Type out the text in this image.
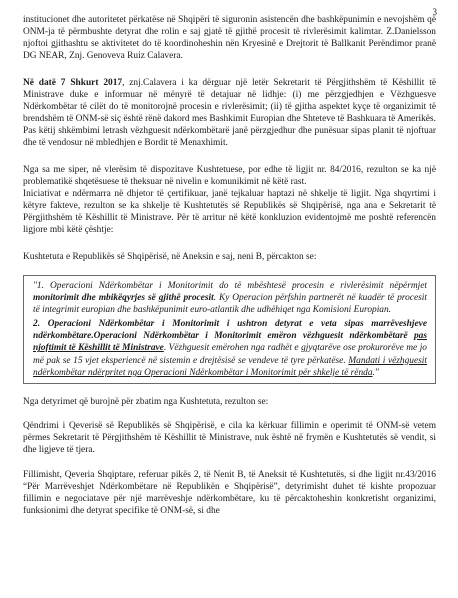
3

institucionet dhe autoritetet përkatëse në Shqipëri të siguronin asistencën dhe bashkëpunimin e nevojshëm që ONM-ja të përmbushte detyrat dhe rolin e saj gjatë të gjithë procesit të rivlerësimit kalimtar. Z.Danielsson njoftoi gjithashtu se aktivitetet do të koordinoheshin nën Kryesinë e Drejtorit të Ballkanit Perëndimor pranë DG NEAR, Znj. Genoveva Ruiz Calavera.

Në datë 7 Shkurt 2017, znj.Calavera i ka dërguar një letër Sekretarit të Përgjithshëm të Këshillit të Ministrave duke e informuar në mënyrë të detajuar në lidhje: (i) me përzgjedhjen e Vëzhguesve Ndërkombëtar të cilët do të monitorojnë procesin e rivlerësimit; (ii) të gjitha aspektet kyçe të organizimit të brendshëm të ONM-së siç është rënë dakord mes Bashkimit Europian dhe Shteteve të Bashkuara të Amerikës.

Pas këtij shkëmbimi letrash vëzhguesit ndërkombëtarë janë përzgjedhur dhe punësuar sipas planit të njoftuar dhe të vendosur në mbledhjen e Bordit të Menaxhimit.

Nga sa me siper, në vlerësim të dispozitave Kushtetuese, por edhe të ligjit nr. 84/2016, rezulton se ka një problematikë shqetësuese të theksuar në nivelin e komunikimit në këtë rast.

Iniciativat e ndërmarra në dhjetor të çertifikuar, janë tejkaluar haptazi në shkelje të ligjit. Nga shqyrtimi i këtyre fakteve, rezulton se ka shkelje të Kushtetutës së Republikës së Shqipërisë, nga ana e Sekretarit të Përgjithshëm të Këshillit të Ministrave. Për të arritur në këtë konkluzion evidentojmë me poshtë referencën ligjore mbi këtë çështje:

Kushtetuta e Republikës së Shqipërisë, në Aneksin e saj, neni B, përcakton se:

"1. Operacioni Ndërkombëtar i Monitorimit do të mbështesë procesin e rivlerësimit nëpërmjet monitorimit dhe mbikëqyrjes së gjithë procesit. Ky Operacion përfshin partnerët në kuadër të procesit të integrimit europian dhe bashkëpunimit euro-atlantik dhe udhëhiqet nga Komisioni Europian.

2. Operacioni Ndërkombëtar i Monitorimit i ushtron detyrat e veta sipas marrëveshjeve ndërkombëtare.Operacioni Ndërkombëtar i Monitorimit emëron vëzhguesit ndërkombëtarë pas njoftimit të Këshillit të Ministrave. Vëzhguesit emërohen nga radhët e gjyqtarëve ose prokurorëve me jo më pak se 15 vjet eksperiencë në sistemin e drejtësisë se vendeve të tyre përkatëse. Mandati i vëzhguesit ndërkombëtar ndërpritet nga Operacioni Ndërkombëtar i Monitorimit për shkelje të rënda."

Nga detyrimet që burojnë për zbatim nga Kushtetuta, rezulton se:

Qëndrimi i Qeverisë së Republikës së Shqipërisë, e cila ka kërkuar fillimin e operimit të ONM-së vetem përmes Sekretarit të Përgjithshëm të Këshillit të Ministrave, nuk është në frymën e Kushtetutës së vendit, si dhe ligjeve të tjera.

Fillimisht, Qeveria Shqiptare, referuar pikës 2, të Nenit B, të Aneksit të Kushtetutës, si dhe ligjit nr.43/2016 “Për Marrëveshjet Ndërkombëtare në Republikën e Shqipërisë”, detyrimisht duhet të kishte propozuar fillimin e negociatave për një marrëveshje ndërkombëtare, ku të përcaktoheshin konkretisht organizimi, funksionimi dhe detyrat specifike të ONM-së, si dhe
